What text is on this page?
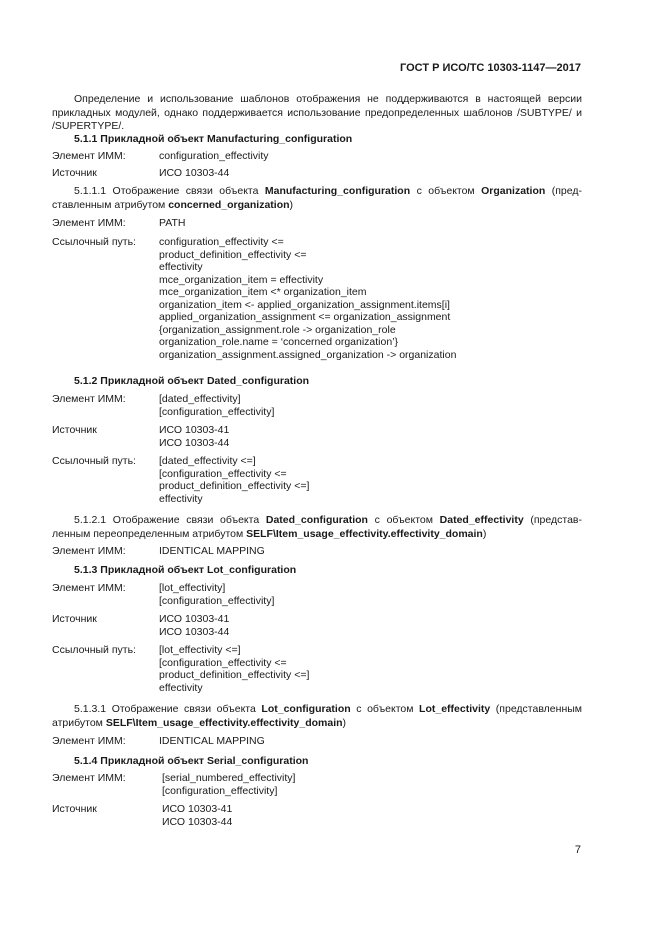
ГОСТ Р ИСО/ТС 10303-1147—2017

Определение и использование шаблонов отображения не поддерживаются в настоящей версии прикладных модулей, однако поддерживается использование предопределенных шаблонов /SUBTYPE/ и /SUPERTYPE/.

5.1.1 Прикладной объект Manufacturing_configuration
Элемент ИММ:	configuration_effectivity
Источник	ИСО 10303-44
5.1.1.1 Отображение связи объекта Manufacturing_configuration с объектом Organization (представленным атрибутом concerned_organization)
Элемент ИММ:	PATH
Ссылочный путь: configuration_effectivity <=
product_definition_effectivity <=
effectivity
mce_organization_item = effectivity
mce_organization_item <* organization_item
organization_item <- applied_organization_assignment.items[i]
applied_organization_assignment <= organization_assignment
{organization_assignment.role -> organization_role
organization_role.name = ‘concerned organization’}
organization_assignment.assigned_organization -> organization
5.1.2 Прикладной объект Dated_configuration
Элемент ИММ:	[dated_effectivity]
[configuration_effectivity]
Источник	ИСО 10303-41
ИСО 10303-44
Ссылочный путь: [dated_effectivity <=]
[configuration_effectivity <=
product_definition_effectivity <=]
effectivity
5.1.2.1 Отображение связи объекта Dated_configuration с объектом Dated_effectivity (представленным переопределенным атрибутом SELF\Item_usage_effectivity.effectivity_domain)
Элемент ИММ:	IDENTICAL MAPPING
5.1.3 Прикладной объект Lot_configuration
Элемент ИММ:	[lot_effectivity]
[configuration_effectivity]
Источник	ИСО 10303-41
ИСО 10303-44
Ссылочный путь: [lot_effectivity <=]
[configuration_effectivity <=
product_definition_effectivity <=]
effectivity
5.1.3.1 Отображение связи объекта Lot_configuration с объектом Lot_effectivity (представленным атрибутом SELF\Item_usage_effectivity.effectivity_domain)
Элемент ИММ:	IDENTICAL MAPPING
5.1.4 Прикладной объект Serial_configuration
Элемент ИММ:	[serial_numbered_effectivity]
[configuration_effectivity]
Источник	ИСО 10303-41
ИСО 10303-44
7
